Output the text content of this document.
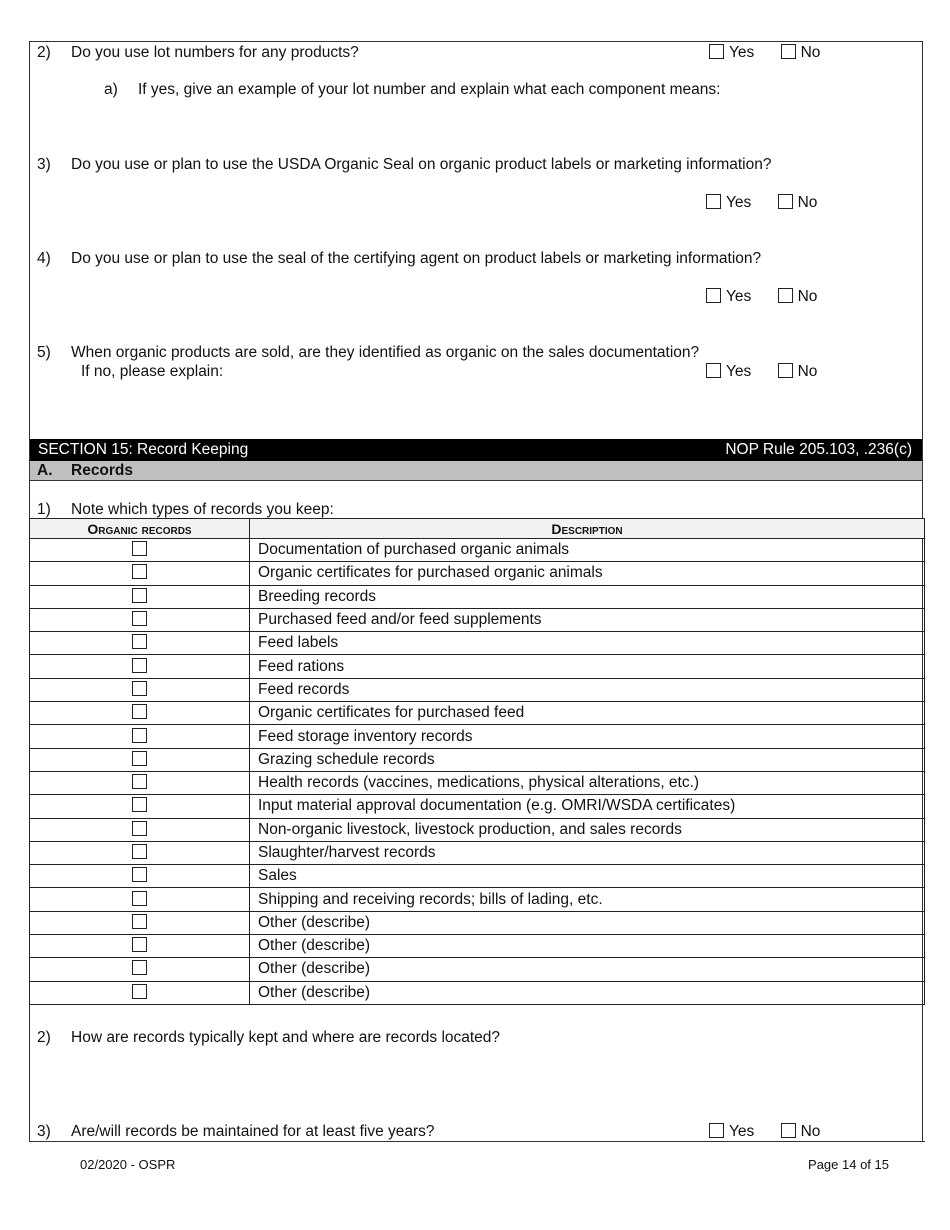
2) Do you use lot numbers for any products?	Yes	No
a) If yes, give an example of your lot number and explain what each component means:
3) Do you use or plan to use the USDA Organic Seal on organic product labels or marketing information?
Yes	No
4) Do you use or plan to use the seal of the certifying agent on product labels or marketing information?
Yes	No
5) When organic products are sold, are they identified as organic on the sales documentation?
If no, please explain:	Yes	No
SECTION 15: Record Keeping	NOP Rule 205.103, .236(c)
A. Records
1) Note which types of records you keep:
Organic records	Description
	Documentation of purchased organic animals
	Organic certificates for purchased organic animals
	Breeding records
	Purchased feed and/or feed supplements
	Feed labels
	Feed rations
	Feed records
	Organic certificates for purchased feed
	Feed storage inventory records
	Grazing schedule records
	Health records (vaccines, medications, physical alterations, etc.)
	Input material approval documentation (e.g. OMRI/WSDA certificates)
	Non-organic livestock, livestock production, and sales records
	Slaughter/harvest records
	Sales
	Shipping and receiving records; bills of lading, etc.
	Other (describe)
	Other (describe)
	Other (describe)
	Other (describe)
2) How are records typically kept and where are records located?
3) Are/will records be maintained for at least five years?	Yes	No
02/2020 - OSPR	Page 14 of 15
